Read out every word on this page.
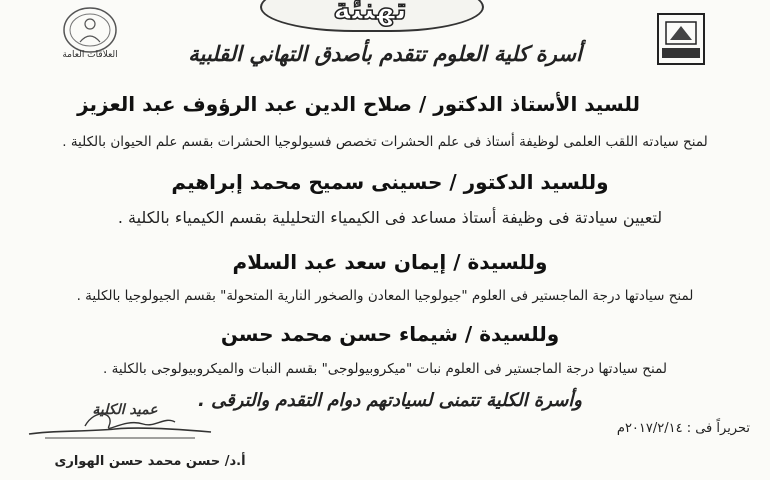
العلاقات العامة
تهنئة
أسرة كلية العلوم تتقدم بأصدق التهاني القلبية
للسيد الأستاذ الدكتور / صلاح الدين عبد الرؤوف عبد العزيز
لمنح سيادته اللقب العلمى لوظيفة أستاذ فى علم الحشرات تخصص فسيولوجيا الحشرات بقسم علم الحيوان بالكلية .
وللسيد الدكتور / حسينى سميح محمد إبراهيم
لتعيين سيادتة فى وظيفة أستاذ مساعد فى الكيمياء التحليلية بقسم الكيمياء بالكلية .
وللسيدة / إيمان سعد عبد السلام
لمنح سيادتها درجة الماجستير فى العلوم "جيولوجيا المعادن والصخور النارية المتحولة" بقسم الجيولوجيا بالكلية .
وللسيدة / شيماء حسن محمد حسن
لمنح سيادتها درجة الماجستير فى العلوم نبات "ميكروبيولوجى" بقسم النبات والميكروبيولوجى بالكلية .
وأسرة الكلية تتمنى لسيادتهم دوام التقدم والترقى .
تحريراً فى : ٢٠١٧/٢/١٤م
عميد الكلية
أ.د/ حسن محمد حسن الهوارى
